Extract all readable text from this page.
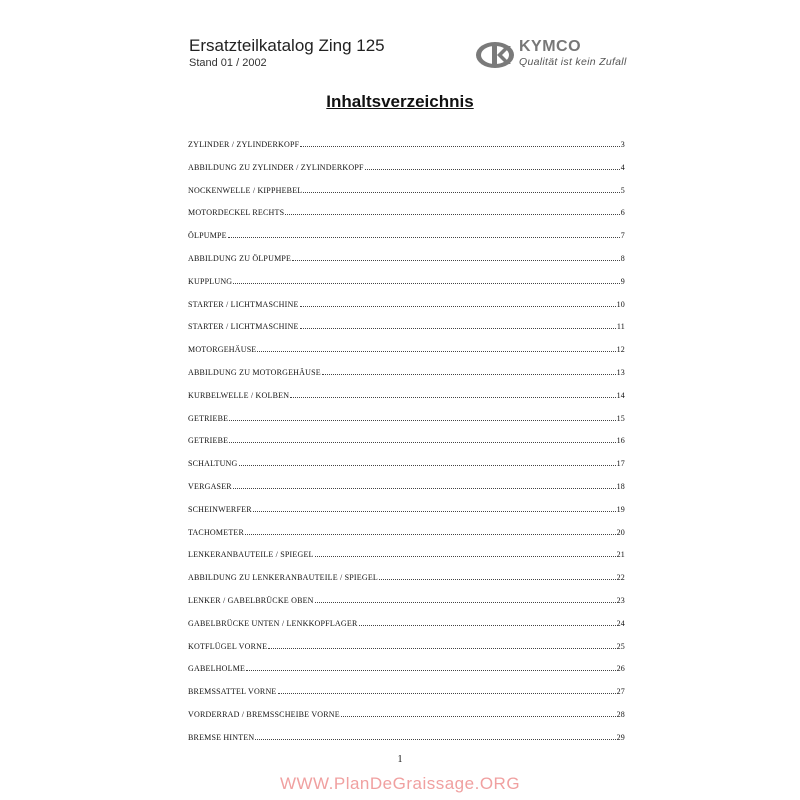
Ersatzteilkatalog Zing 125
Stand 01 / 2002
KYMCO
Qualität ist kein Zufall
Inhaltsverzeichnis
ZYLINDER / ZYLINDERKOPF	3
ABBILDUNG ZU ZYLINDER / ZYLINDERKOPF	4
NOCKENWELLE / KIPPHEBEL	5
MOTORDECKEL RECHTS	6
ÖLPUMPE	7
ABBILDUNG ZU ÖLPUMPE	8
KUPPLUNG	9
STARTER / LICHTMASCHINE	10
STARTER / LICHTMASCHINE	11
MOTORGEHÄUSE	12
ABBILDUNG ZU MOTORGEHÄUSE	13
KURBELWELLE / KOLBEN	14
GETRIEBE	15
GETRIEBE	16
SCHALTUNG	17
VERGASER	18
SCHEINWERFER	19
TACHOMETER	20
LENKERANBAUTEILE / SPIEGEL	21
ABBILDUNG ZU LENKERANBAUTEILE / SPIEGEL	22
LENKER / GABELBRÜCKE OBEN	23
GABELBRÜCKE UNTEN / LENKKOPFLAGER	24
KOTFLÜGEL VORNE	25
GABELHOLME	26
BREMSSATTEL VORNE	27
VORDERRAD / BREMSSCHEIBE VORNE	28
BREMSE HINTEN	29
1
WWW.PlanDeGraissage.ORG
